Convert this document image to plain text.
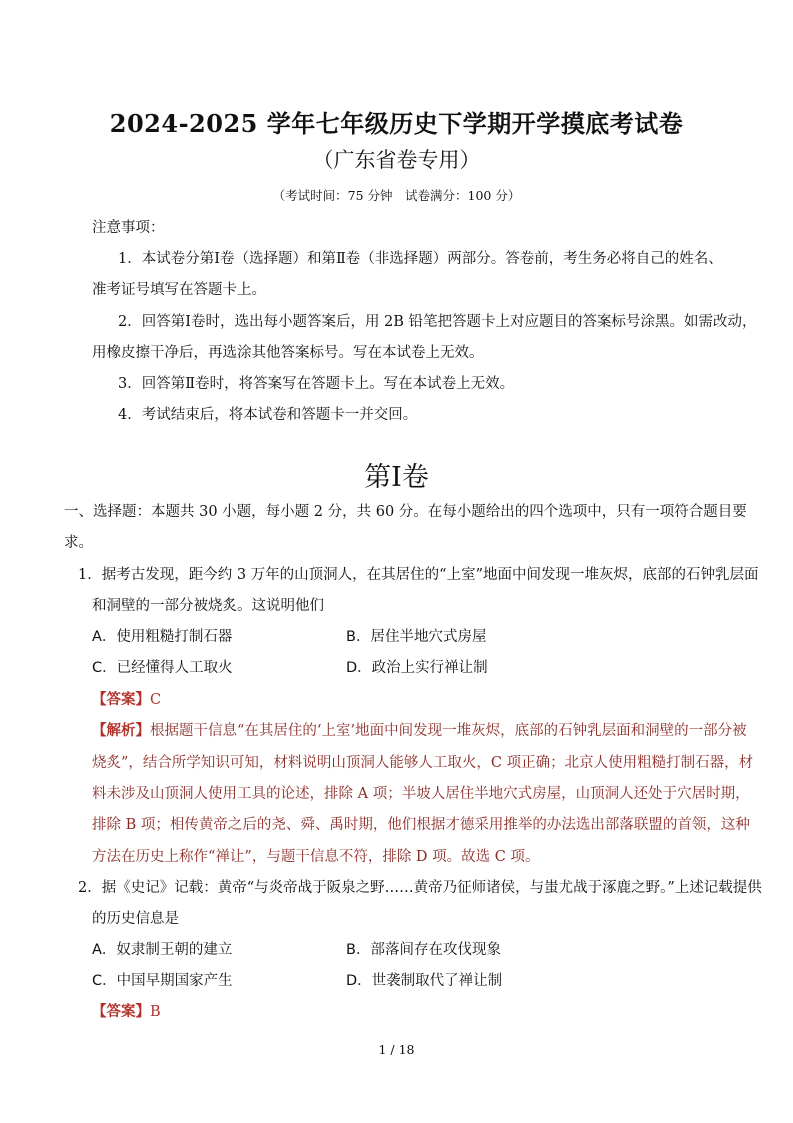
2024-2025 学年七年级历史下学期开学摸底考试卷
（广东省卷专用）
（考试时间：75 分钟　试卷满分：100 分）
注意事项：
1．本试卷分第Ⅰ卷（选择题）和第Ⅱ卷（非选择题）两部分。答卷前，考生务必将自己的姓名、
准考证号填写在答题卡上。
2．回答第Ⅰ卷时，选出每小题答案后，用 2B 铅笔把答题卡上对应题目的答案标号涂黑。如需改动，
用橡皮擦干净后，再选涂其他答案标号。写在本试卷上无效。
3．回答第Ⅱ卷时，将答案写在答题卡上。写在本试卷上无效。
4．考试结束后，将本试卷和答题卡一并交回。
第Ⅰ卷
一、选择题：本题共 30 小题，每小题 2 分，共 60 分。在每小题给出的四个选项中，只有一项符合题目要
求。
1．据考古发现，距今约 3 万年的山顶洞人，在其居住的“上室”地面中间发现一堆灰烬，底部的石钟乳层面
和洞壁的一部分被烧炙。这说明他们
A．使用粗糙打制石器	B．居住半地穴式房屋
C．已经懂得人工取火	D．政治上实行禅让制
【答案】C
【解析】根据题干信息“在其居住的‘上室’地面中间发现一堆灰烬，底部的石钟乳层面和洞壁的一部分被
烧炙”，结合所学知识可知，材料说明山顶洞人能够人工取火，C 项正确；北京人使用粗糙打制石器，材
料未涉及山顶洞人使用工具的论述，排除 A 项；半坡人居住半地穴式房屋，山顶洞人还处于穴居时期，
排除 B 项；相传黄帝之后的尧、舜、禹时期，他们根据才德采用推举的办法选出部落联盟的首领，这种
方法在历史上称作“禅让”，与题干信息不符，排除 D 项。故选 C 项。
2．据《史记》记载：黄帝“与炎帝战于阪泉之野……黄帝乃征师诸侯，与蚩尤战于涿鹿之野。”上述记载提供
的历史信息是
A．奴隶制王朝的建立	B．部落间存在攻伐现象
C．中国早期国家产生	D．世袭制取代了禅让制
【答案】B
1 / 18
